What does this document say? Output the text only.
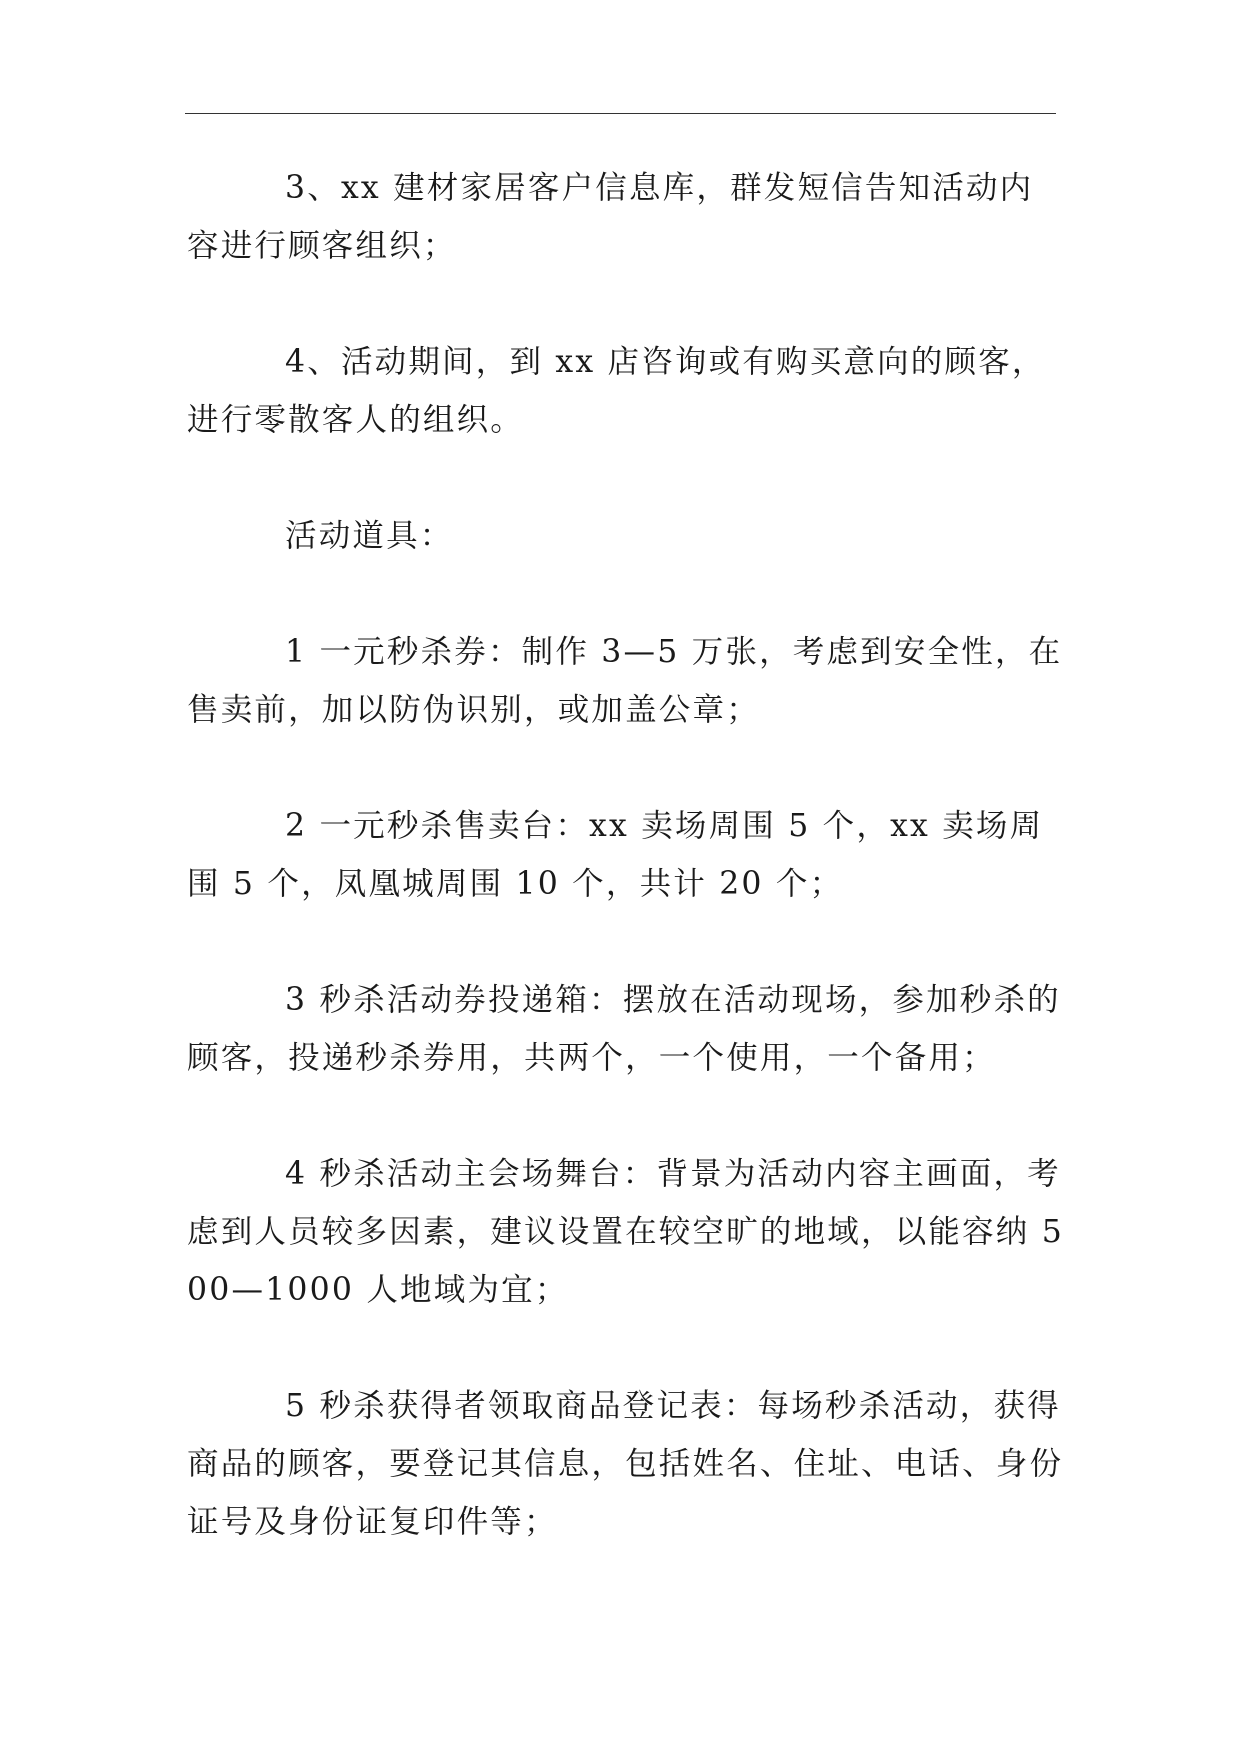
3、xx 建材家居客户信息库，群发短信告知活动内容进行顾客组织；

4、活动期间，到 xx 店咨询或有购买意向的顾客，进行零散客人的组织。

活动道具：

1 一元秒杀券：制作 3—5 万张，考虑到安全性，在售卖前，加以防伪识别，或加盖公章；

2 一元秒杀售卖台：xx 卖场周围 5 个，xx 卖场周围 5 个，凤凰城周围 10 个，共计 20 个；

3 秒杀活动券投递箱：摆放在活动现场，参加秒杀的顾客，投递秒杀券用，共两个，一个使用，一个备用；

4 秒杀活动主会场舞台：背景为活动内容主画面，考虑到人员较多因素，建议设置在较空旷的地域，以能容纳 500—1000 人地域为宜；

5 秒杀获得者领取商品登记表：每场秒杀活动，获得商品的顾客，要登记其信息，包括姓名、住址、电话、身份证号及身份证复印件等；
